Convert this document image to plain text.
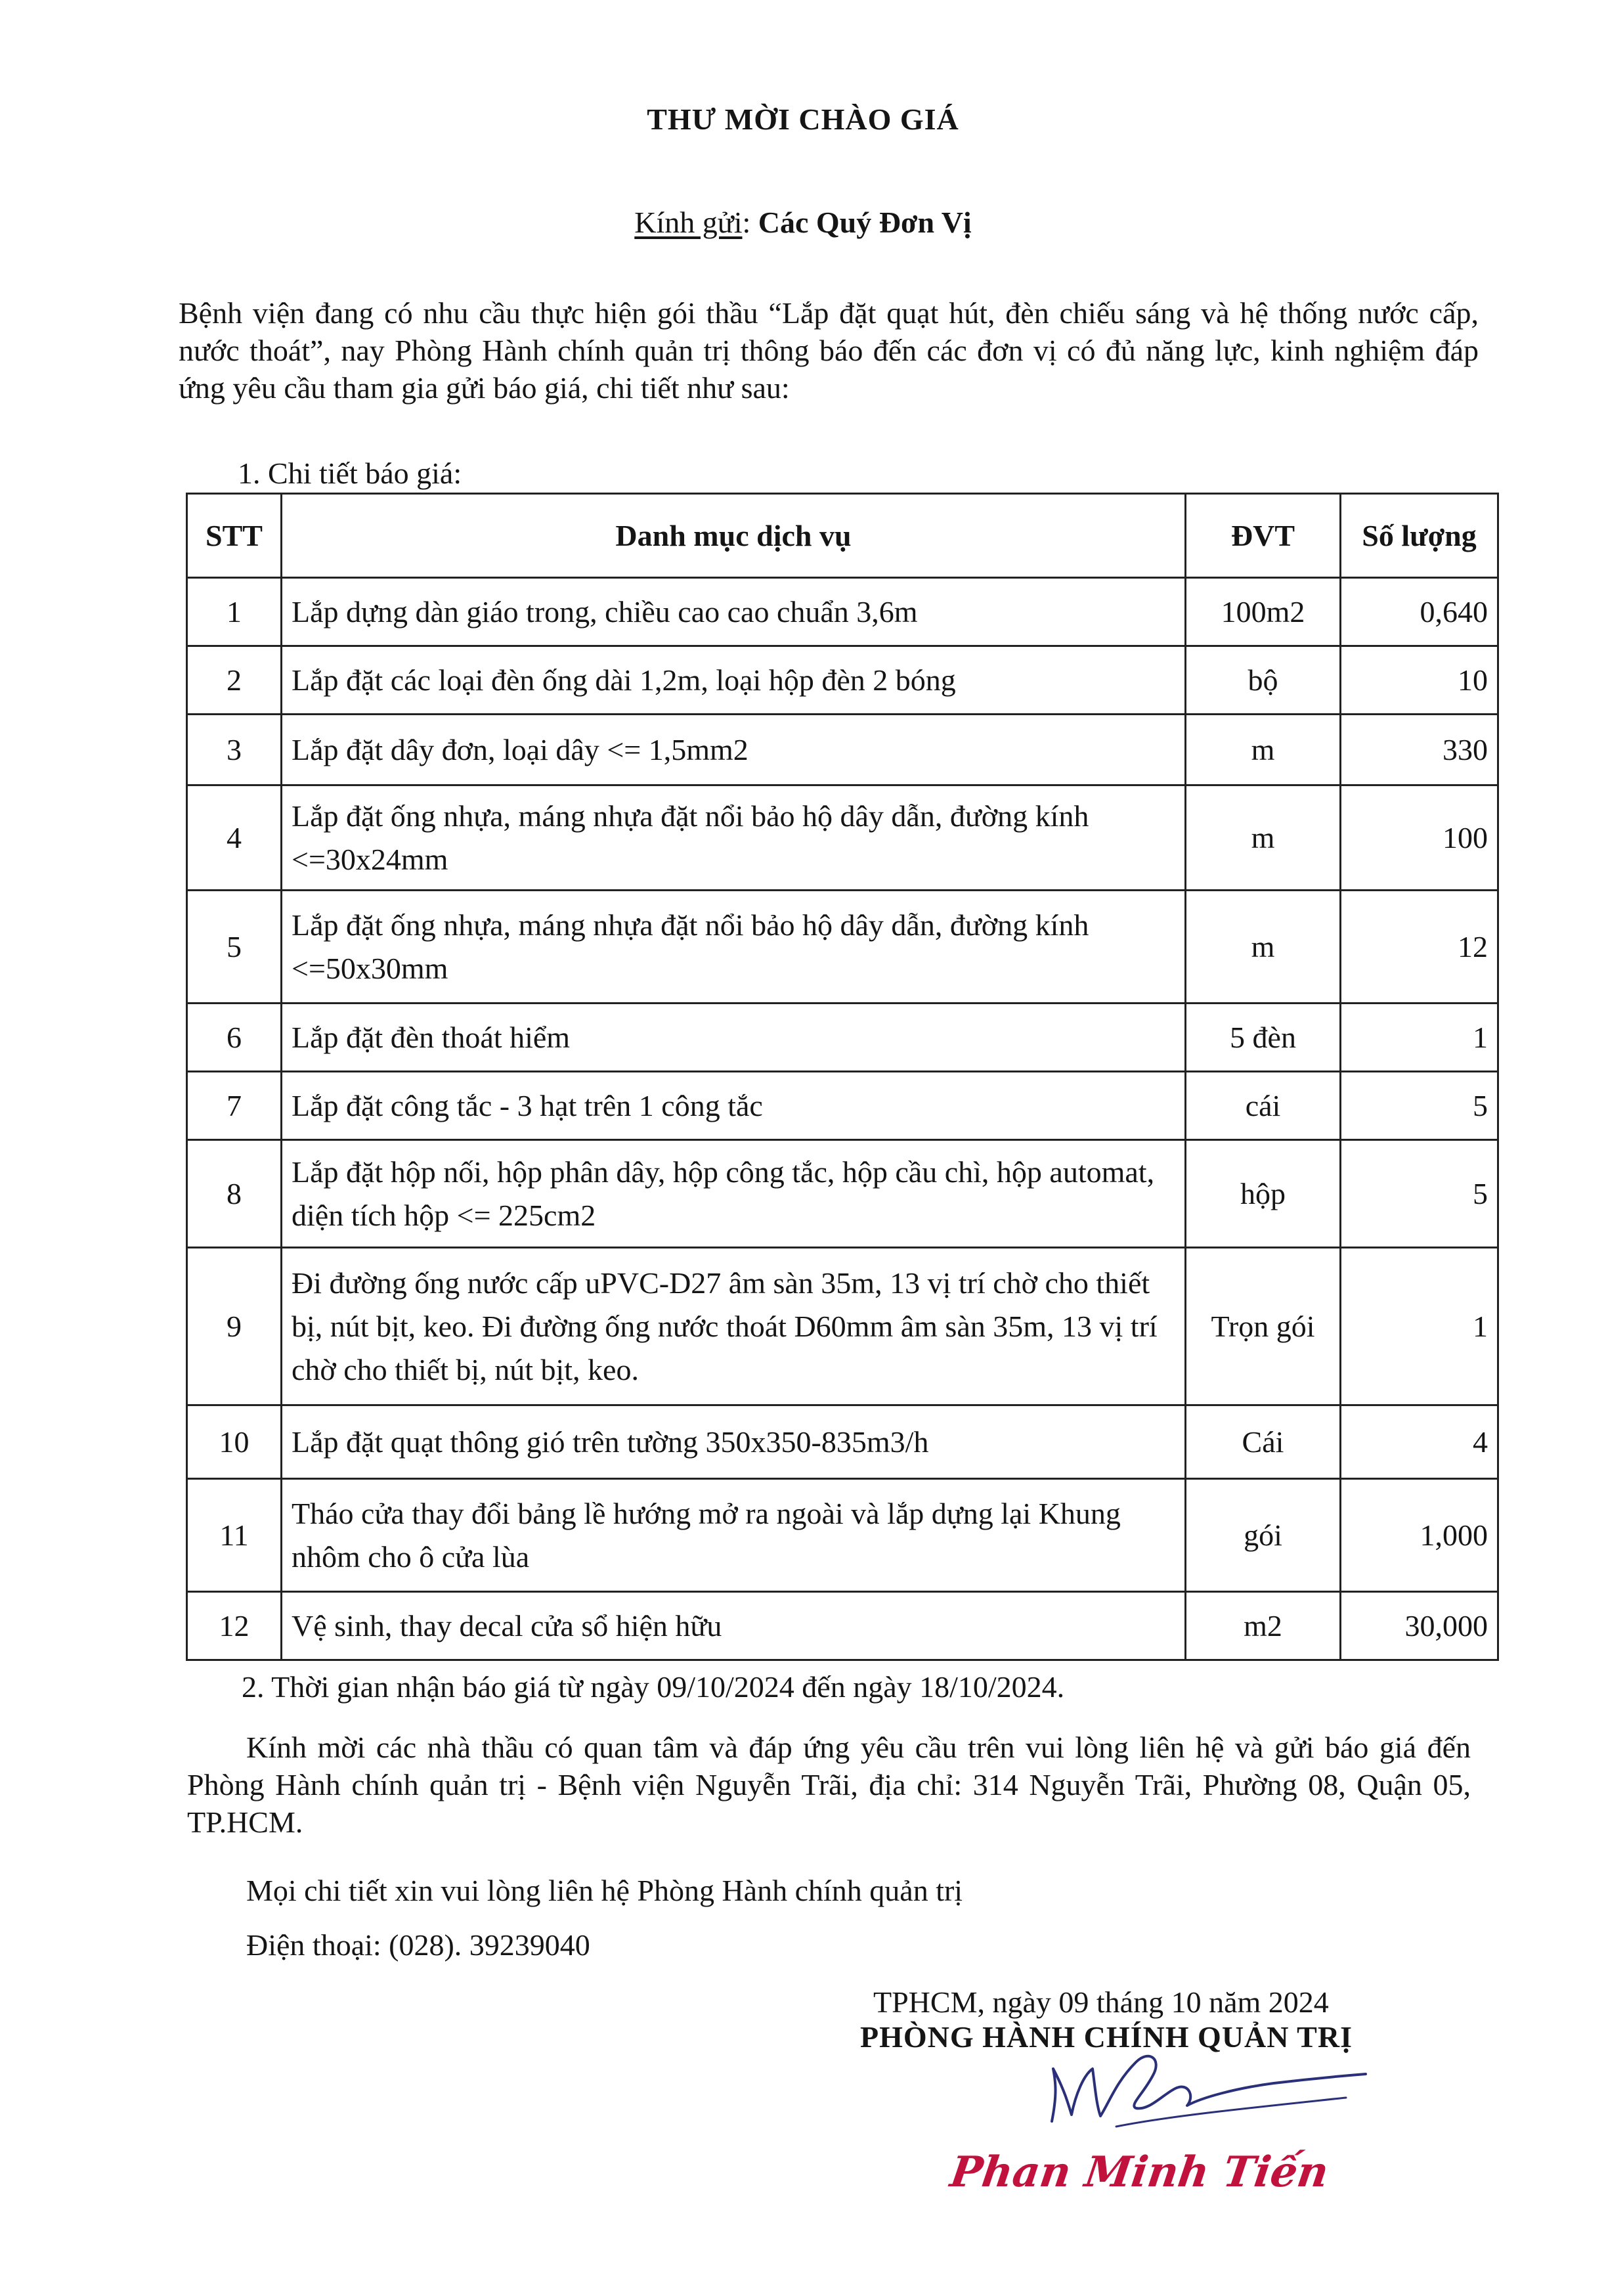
THƯ MỜI CHÀO GIÁ
Kính gửi: Các Quý Đơn Vị
Bệnh viện đang có nhu cầu thực hiện gói thầu “Lắp đặt quạt hút, đèn chiếu sáng và hệ thống nước cấp, nước thoát”, nay Phòng Hành chính quản trị thông báo đến các đơn vị có đủ năng lực, kinh nghiệm đáp ứng yêu cầu tham gia gửi báo giá, chi tiết như sau:
1. Chi tiết báo giá:
STT	Danh mục dịch vụ	ĐVT	Số lượng
1	Lắp dựng dàn giáo trong, chiều cao cao chuẩn 3,6m	100m2	0,640
2	Lắp đặt các loại đèn ống dài 1,2m, loại hộp đèn 2 bóng	bộ	10
3	Lắp đặt dây đơn, loại dây <= 1,5mm2	m	330
4	Lắp đặt ống nhựa, máng nhựa đặt nổi bảo hộ dây dẫn, đường kính <=30x24mm	m	100
5	Lắp đặt ống nhựa, máng nhựa đặt nổi bảo hộ dây dẫn, đường kính <=50x30mm	m	12
6	Lắp đặt đèn thoát hiểm	5 đèn	1
7	Lắp đặt công tắc - 3 hạt trên 1 công tắc	cái	5
8	Lắp đặt hộp nối, hộp phân dây, hộp công tắc, hộp cầu chì, hộp automat, diện tích hộp <= 225cm2	hộp	5
9	Đi đường ống nước cấp uPVC-D27 âm sàn 35m, 13 vị trí chờ cho thiết bị, nút bịt, keo. Đi đường ống nước thoát D60mm âm sàn 35m, 13 vị trí chờ cho thiết bị, nút bịt, keo.	Trọn gói	1
10	Lắp đặt quạt thông gió trên tường 350x350-835m3/h	Cái	4
11	Tháo cửa thay đổi bảng lề hướng mở ra ngoài và lắp dựng lại Khung nhôm cho ô cửa lùa	gói	1,000
12	Vệ sinh, thay decal cửa sổ hiện hữu	m2	30,000
2. Thời gian nhận báo giá từ ngày 09/10/2024 đến ngày 18/10/2024.
Kính mời các nhà thầu có quan tâm và đáp ứng yêu cầu trên vui lòng liên hệ và gửi báo giá đến Phòng Hành chính quản trị - Bệnh viện Nguyễn Trãi, địa chỉ: 314 Nguyễn Trãi, Phường 08, Quận 05, TP.HCM.
Mọi chi tiết xin vui lòng liên hệ Phòng Hành chính quản trị
Điện thoại: (028). 39239040
TPHCM, ngày 09 tháng 10 năm 2024
PHÒNG HÀNH CHÍNH QUẢN TRỊ
Phan Minh Tiến
